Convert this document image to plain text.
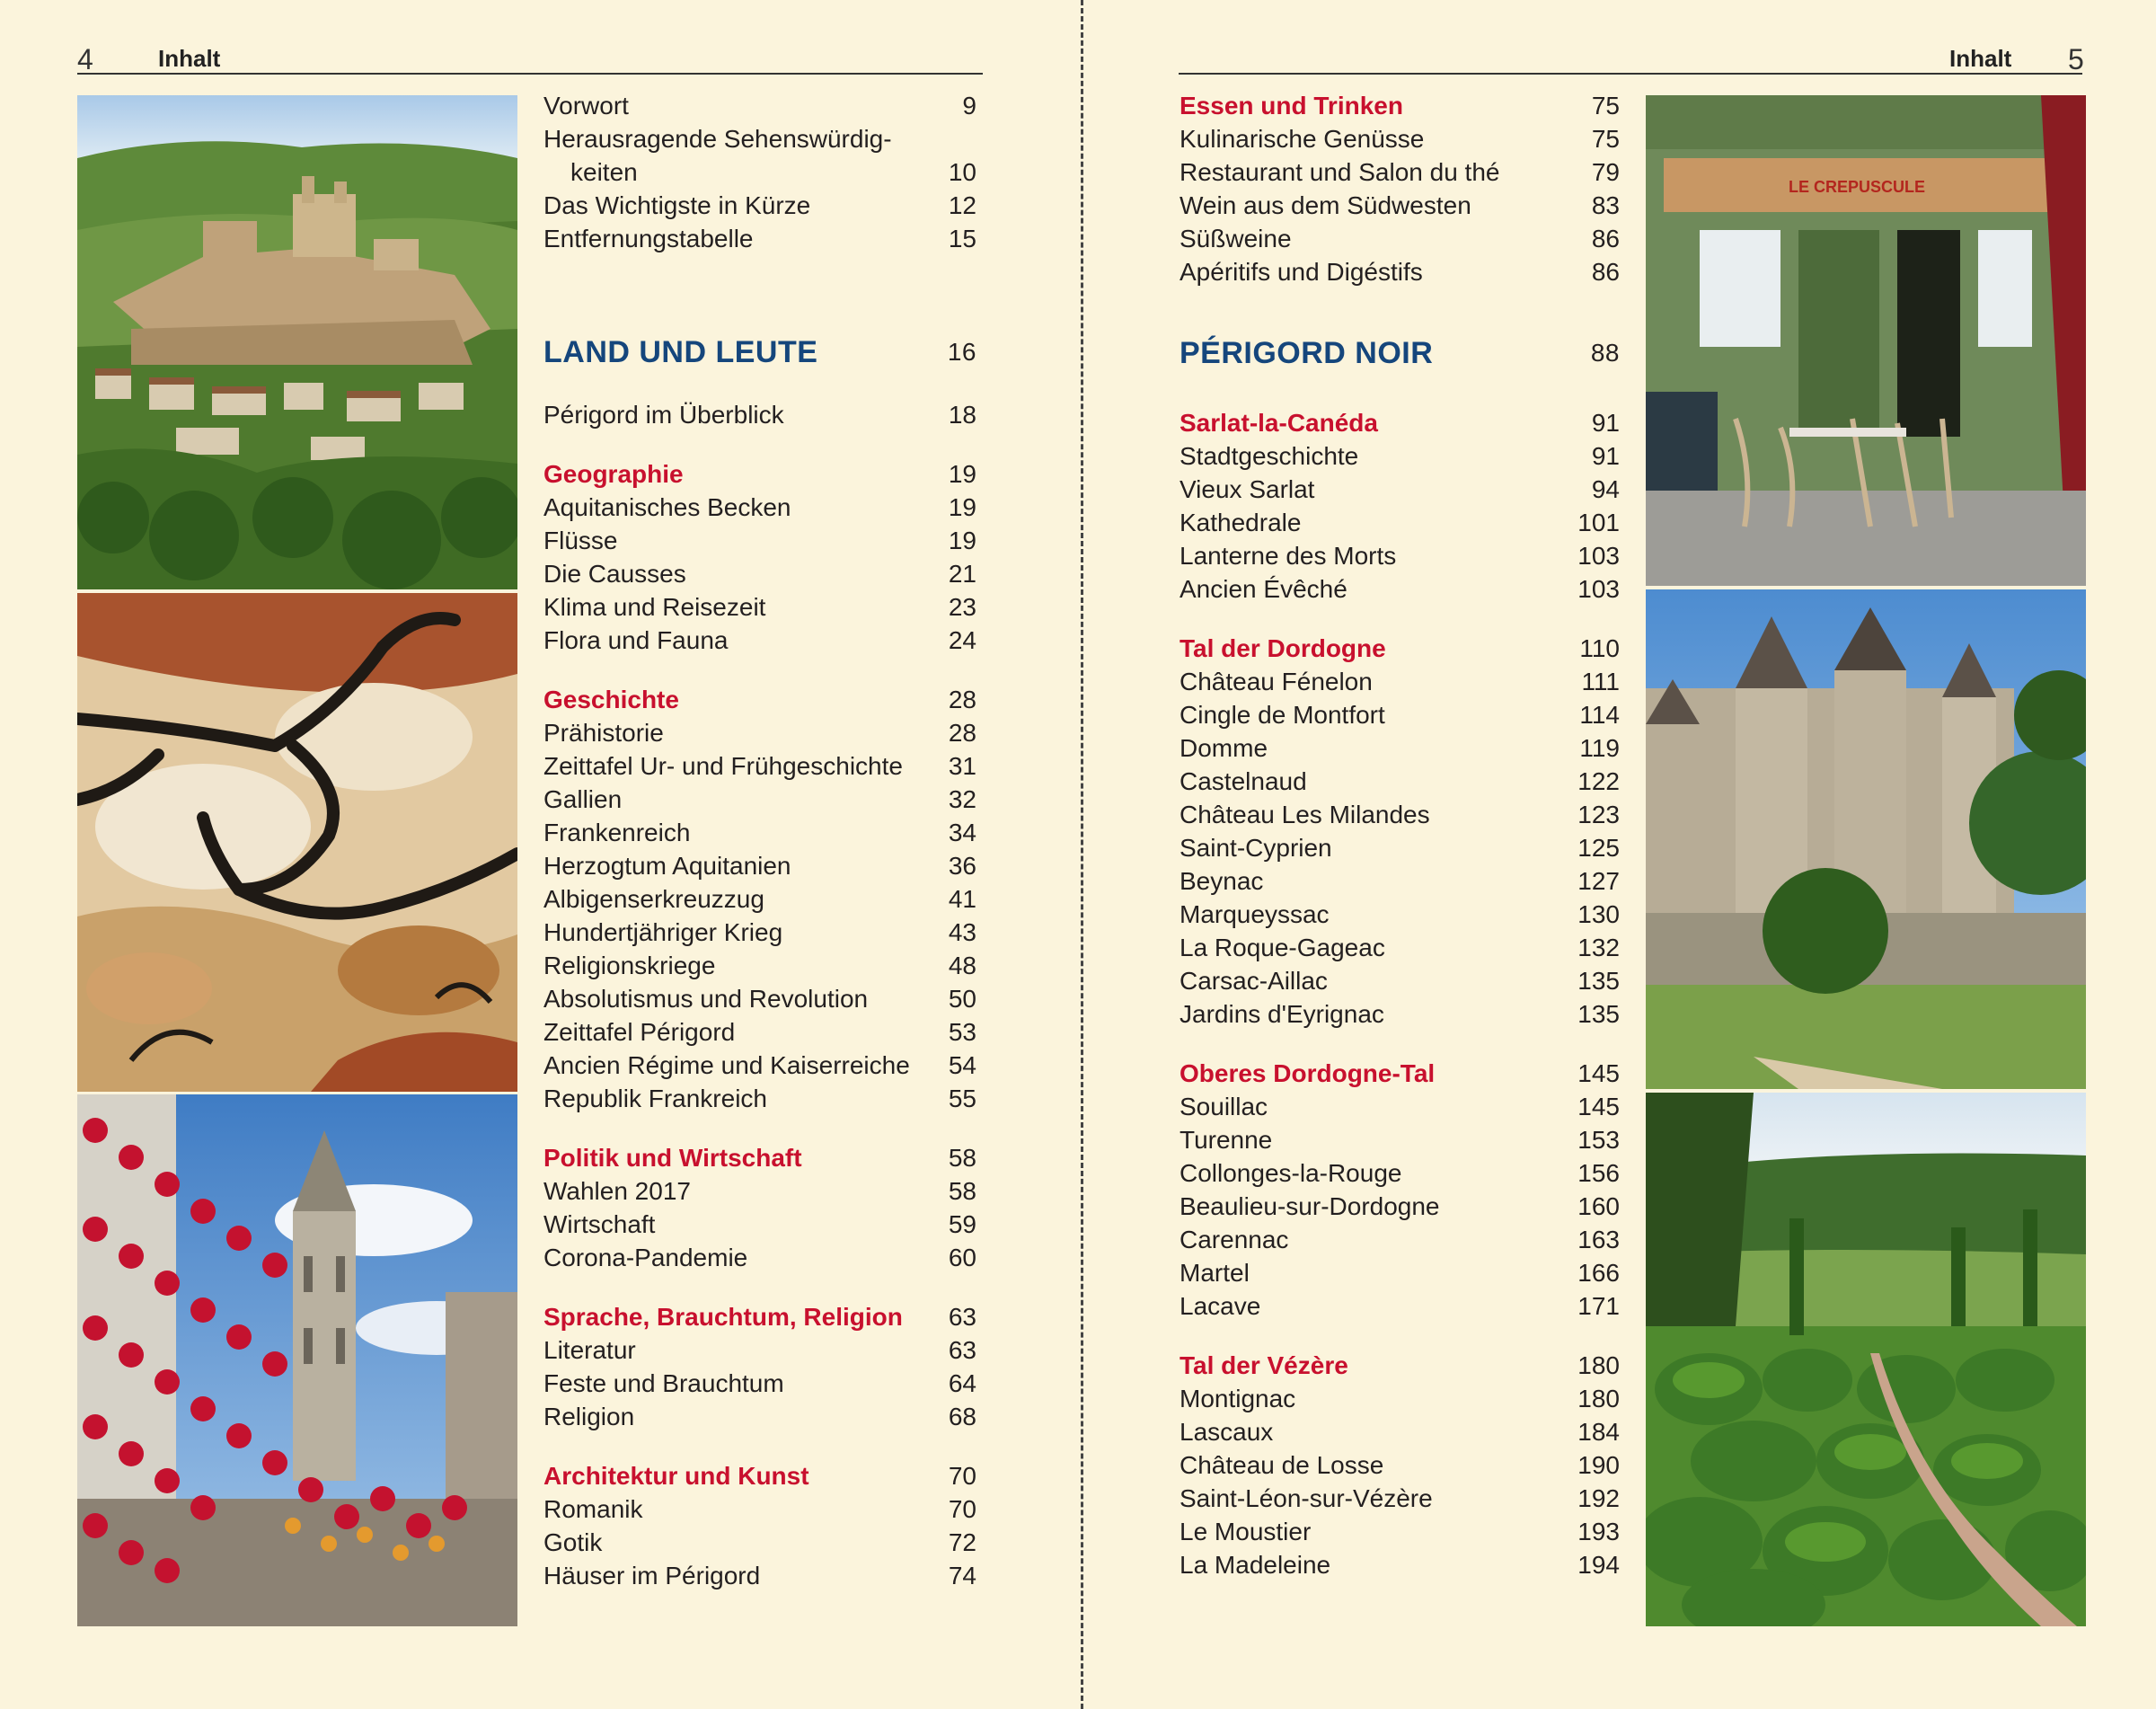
4	Inhalt
Vorwort	9
Herausragende Sehenswürdig-
keiten	10
Das Wichtigste in Kürze	12
Entfernungstabelle	15
LAND UND LEUTE	16
Périgord im Überblick	18
Geographie	19
Aquitanisches Becken	19
Flüsse	19
Die Causses	21
Klima und Reisezeit	23
Flora und Fauna	24
Geschichte	28
Prähistorie	28
Zeittafel Ur- und Frühgeschichte 31
Gallien	32
Frankenreich	34
Herzogtum Aquitanien	36
Albigenserkreuzzug	41
Hundertjähriger Krieg	43
Religionskriege	48
Absolutismus und Revolution	50
Zeittafel Périgord	53
Ancien Régime und Kaiserreiche 54
Republik Frankreich	55
Politik und Wirtschaft	58
Wahlen 2017	58
Wirtschaft	59
Corona-Pandemie	60
Sprache, Brauchtum, Religion 63
Literatur	63
Feste und Brauchtum	64
Religion	68
Architektur und Kunst	70
Romanik	70
Gotik	72
Häuser im Périgord	74
Inhalt 5
Essen und Trinken	75
Kulinarische Genüsse	75
Restaurant und Salon du thé	79
Wein aus dem Südwesten	83
Süßweine	86
Apéritifs und Digéstifs	86
PÉRIGORD NOIR	88
Sarlat-la-Canéda	91
Stadtgeschichte	91
Vieux Sarlat	94
Kathedrale	101
Lanterne des Morts	103
Ancien Évêché	103
Tal der Dordogne	110
Château Fénelon	111
Cingle de Montfort	114
Domme	119
Castelnaud	122
Château Les Milandes	123
Saint-Cyprien	125
Beynac	127
Marqueyssac	130
La Roque-Gageac	132
Carsac-Aillac	135
Jardins d'Eyrignac	135
Oberes Dordogne-Tal	145
Souillac	145
Turenne	153
Collonges-la-Rouge	156
Beaulieu-sur-Dordogne	160
Carennac	163
Martel	166
Lacave	171
Tal der Vézère	180
Montignac	180
Lascaux	184
Château de Losse	190
Saint-Léon-sur-Vézère	192
Le Moustier	193
La Madeleine	194
LE CREPUSCULE
